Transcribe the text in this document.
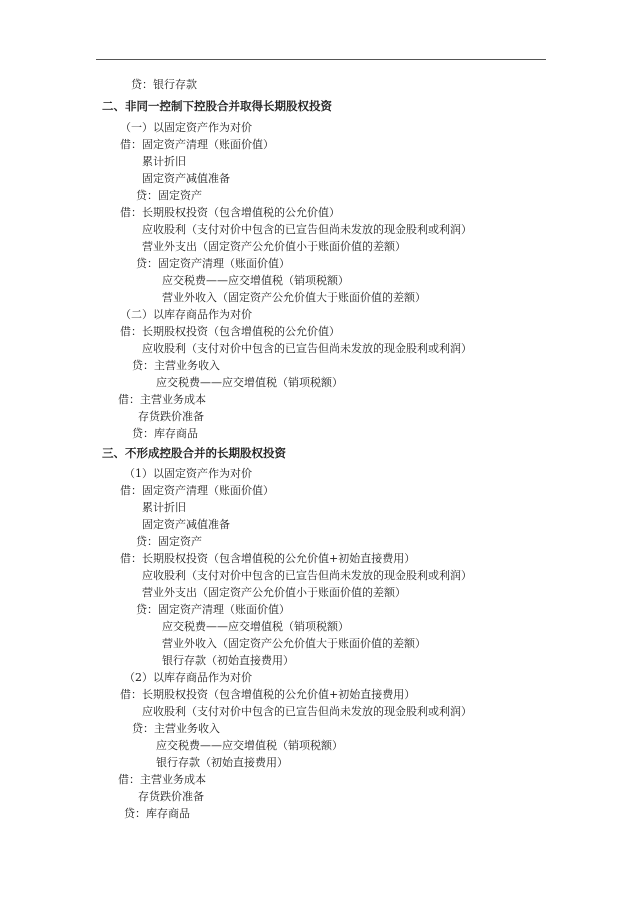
贷：银行存款
二、非同一控制下控股合并取得长期股权投资
（一）以固定资产作为对价
借：固定资产清理（账面价值）
累计折旧
固定资产减值准备
贷：固定资产
借：长期股权投资（包含增值税的公允价值）
应收股利（支付对价中包含的已宣告但尚未发放的现金股利或利润）
营业外支出（固定资产公允价值小于账面价值的差额）
贷：固定资产清理（账面价值）
应交税费——应交增值税（销项税额）
营业外收入（固定资产公允价值大于账面价值的差额）
（二）以库存商品作为对价
借：长期股权投资（包含增值税的公允价值）
应收股利（支付对价中包含的已宣告但尚未发放的现金股利或利润）
贷：主营业务收入
应交税费——应交增值税（销项税额）
借：主营业务成本
存货跌价准备
贷：库存商品
三、不形成控股合并的长期股权投资
（1）以固定资产作为对价
借：固定资产清理（账面价值）
累计折旧
固定资产减值准备
贷：固定资产
借：长期股权投资（包含增值税的公允价值+初始直接费用）
应收股利（支付对价中包含的已宣告但尚未发放的现金股利或利润）
营业外支出（固定资产公允价值小于账面价值的差额）
贷：固定资产清理（账面价值）
应交税费——应交增值税（销项税额）
营业外收入（固定资产公允价值大于账面价值的差额）
银行存款（初始直接费用）
（2）以库存商品作为对价
借：长期股权投资（包含增值税的公允价值+初始直接费用）
应收股利（支付对价中包含的已宣告但尚未发放的现金股利或利润）
贷：主营业务收入
应交税费——应交增值税（销项税额）
银行存款（初始直接费用）
借：主营业务成本
存货跌价准备
贷：库存商品
